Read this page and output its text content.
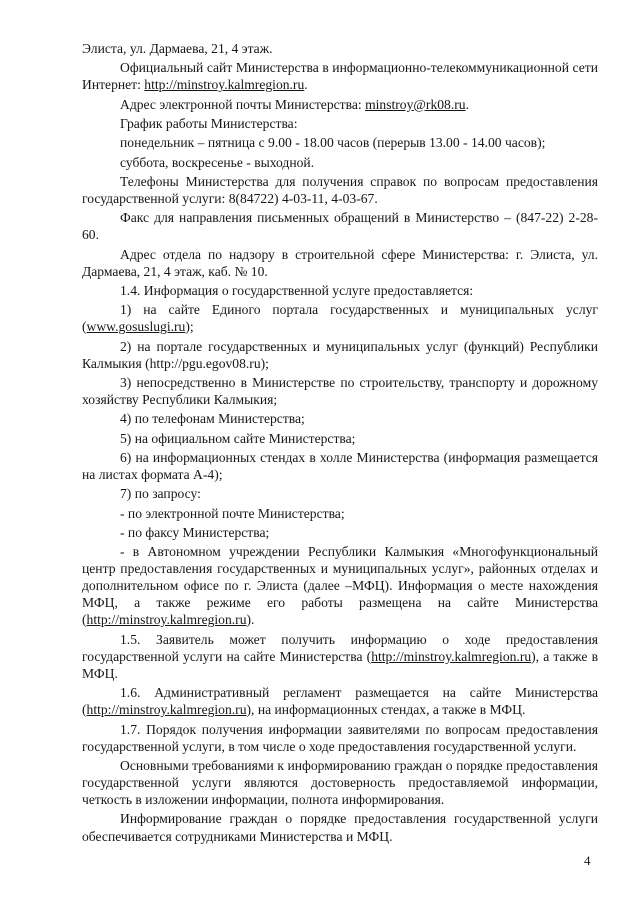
Элиста, ул. Дармаева, 21, 4 этаж.

Официальный сайт Министерства в информационно-телекоммуникационной сети Интернет: http://minstroy.kalmregion.ru.

Адрес электронной почты Министерства: minstroy@rk08.ru.

График работы Министерства:

понедельник – пятница с 9.00 - 18.00 часов (перерыв 13.00 - 14.00 часов);

суббота, воскресенье - выходной.

Телефоны Министерства для получения справок по вопросам предоставления государственной услуги: 8(84722) 4-03-11, 4-03-67.

Факс для направления письменных обращений в Министерство – (847-22) 2-28-60.

Адрес отдела по надзору в строительной сфере Министерства: г. Элиста, ул. Дармаева, 21, 4 этаж, каб. № 10.

1.4. Информация о государственной услуге предоставляется:

1) на сайте Единого портала государственных и муниципальных услуг (www.gosuslugi.ru);

2) на портале государственных и муниципальных услуг (функций) Республики Калмыкия (http://pgu.egov08.ru);

3) непосредственно в Министерстве по строительству, транспорту и дорожному хозяйству Республики Калмыкия;

4) по телефонам Министерства;

5) на официальном сайте Министерства;

6) на информационных стендах в холле Министерства (информация размещается на листах формата А-4);

7) по запросу:

- по электронной почте Министерства;

- по факсу Министерства;

- в Автономном учреждении Республики Калмыкия «Многофункциональный центр предоставления государственных и муниципальных услуг», районных отделах и дополнительном офисе по г. Элиста (далее –МФЦ). Информация о месте нахождения МФЦ, а также режиме его работы размещена на сайте Министерства (http://minstroy.kalmregion.ru).

1.5. Заявитель может получить информацию о ходе предоставления государственной услуги на сайте Министерства (http://minstroy.kalmregion.ru), а также в МФЦ.

1.6. Административный регламент размещается на сайте Министерства (http://minstroy.kalmregion.ru), на информационных стендах, а также в МФЦ.

1.7. Порядок получения информации заявителями по вопросам предоставления государственной услуги, в том числе о ходе предоставления государственной услуги.

Основными требованиями к информированию граждан о порядке предоставления государственной услуги являются достоверность предоставляемой информации, четкость в изложении информации, полнота информирования.

Информирование граждан о порядке предоставления государственной услуги обеспечивается сотрудниками Министерства и МФЦ.

4
